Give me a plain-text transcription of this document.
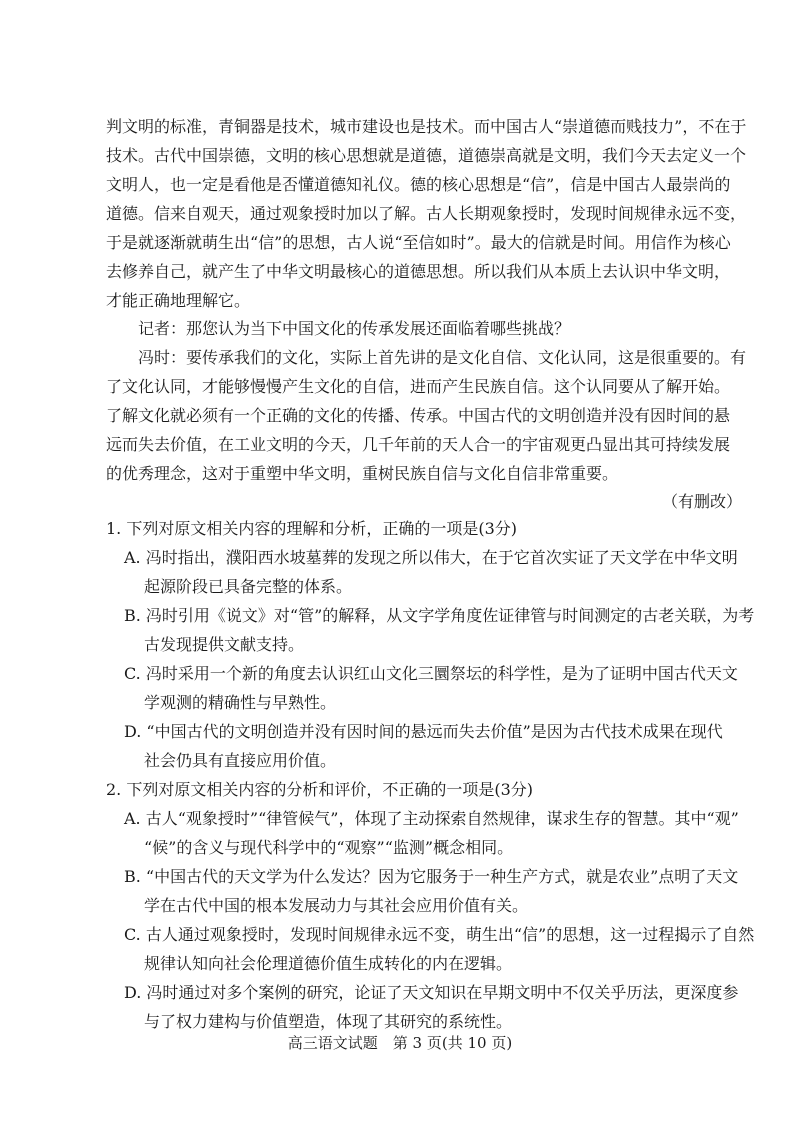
判文明的标准，青铜器是技术，城市建设也是技术。而中国古人“崇道德而贱技力”，不在于
技术。古代中国崇德，文明的核心思想就是道德，道德崇高就是文明，我们今天去定义一个
文明人，也一定是看他是否懂道德知礼仪。德的核心思想是“信”，信是中国古人最崇尚的
道德。信来自观天，通过观象授时加以了解。古人长期观象授时，发现时间规律永远不变，
于是就逐渐就萌生出“信”的思想，古人说“至信如时”。最大的信就是时间。用信作为核心
去修养自己，就产生了中华文明最核心的道德思想。所以我们从本质上去认识中华文明，
才能正确地理解它。
记者：那您认为当下中国文化的传承发展还面临着哪些挑战？
冯时：要传承我们的文化，实际上首先讲的是文化自信、文化认同，这是很重要的。有
了文化认同，才能够慢慢产生文化的自信，进而产生民族自信。这个认同要从了解开始。
了解文化就必须有一个正确的文化的传播、传承。中国古代的文明创造并没有因时间的悬
远而失去价值，在工业文明的今天，几千年前的天人合一的宇宙观更凸显出其可持续发展
的优秀理念，这对于重塑中华文明，重树民族自信与文化自信非常重要。

（有删改）

1. 下列对原文相关内容的理解和分析，正确的一项是(3分)

A. 冯时指出，濮阳西水坡墓葬的发现之所以伟大，在于它首次实证了天文学在中华文明
起源阶段已具备完整的体系。
B. 冯时引用《说文》对“管”的解释，从文字学角度佐证律管与时间测定的古老关联，为考
古发现提供文献支持。
C. 冯时采用一个新的角度去认识红山文化三圜祭坛的科学性，是为了证明中国古代天文
学观测的精确性与早熟性。
D. “中国古代的文明创造并没有因时间的悬远而失去价值”是因为古代技术成果在现代
社会仍具有直接应用价值。

2. 下列对原文相关内容的分析和评价，不正确的一项是(3分)

A. 古人“观象授时”“律管候气”，体现了主动探索自然规律，谋求生存的智慧。其中“观”
“候”的含义与现代科学中的“观察”“监测”概念相同。
B. “中国古代的天文学为什么发达？因为它服务于一种生产方式，就是农业”点明了天文
学在古代中国的根本发展动力与其社会应用价值有关。
C. 古人通过观象授时，发现时间规律永远不变，萌生出“信”的思想，这一过程揭示了自然
规律认知向社会伦理道德价值生成转化的内在逻辑。
D. 冯时通过对多个案例的研究，论证了天文知识在早期文明中不仅关乎历法，更深度参
与了权力建构与价值塑造，体现了其研究的系统性。

高三语文试题　第 3 页(共 10 页)
